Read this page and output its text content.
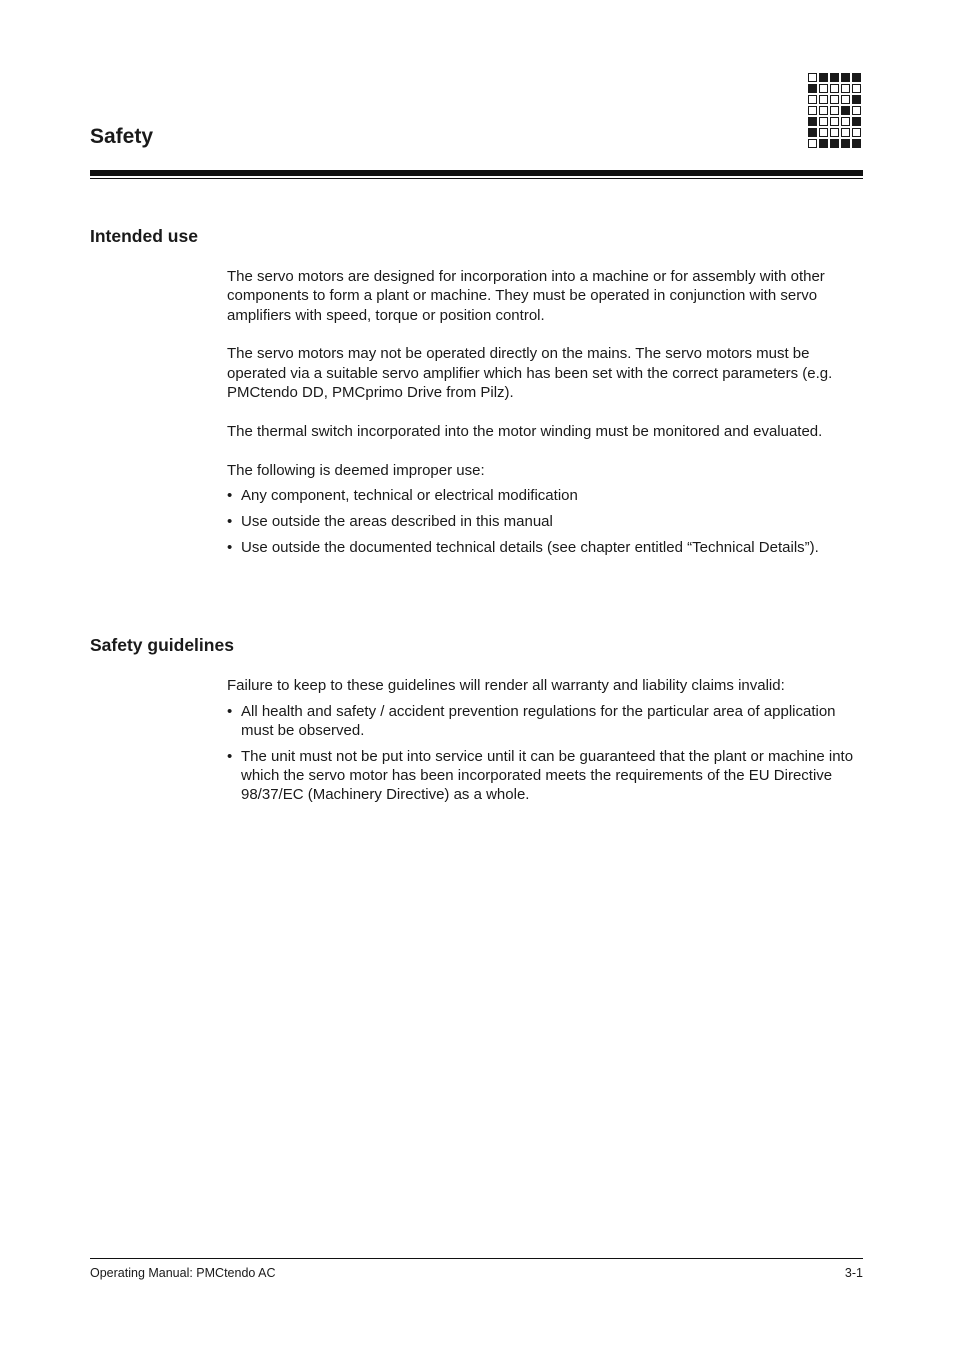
Safety
Intended use

The servo motors are designed for incorporation into a machine or for assembly with other components to form a plant or machine. They must be operated in conjunction with servo amplifiers with speed, torque or position control.

The servo motors may not be operated directly on the mains. The servo motors must be operated via a suitable servo amplifier which has been set with the correct parameters (e.g. PMCtendo DD, PMCprimo Drive from Pilz).

The thermal switch incorporated into the motor winding must be monitored and evaluated.

The following is deemed improper use:

• Any component, technical or electrical modification
• Use outside the areas described in this manual
• Use outside the documented technical details (see chapter entitled “Technical Details”).
Safety guidelines

Failure to keep to these guidelines will render all warranty and liability claims invalid:

• All health and safety / accident prevention regulations for the particular area of application must be observed.
• The unit must not be put into service until it can be guaranteed that the plant or machine into which the servo motor has been incorporated meets the requirements of the EU Directive 98/37/EC (Machinery Directive) as a whole.
Operating Manual: PMCtendo AC	3-1
